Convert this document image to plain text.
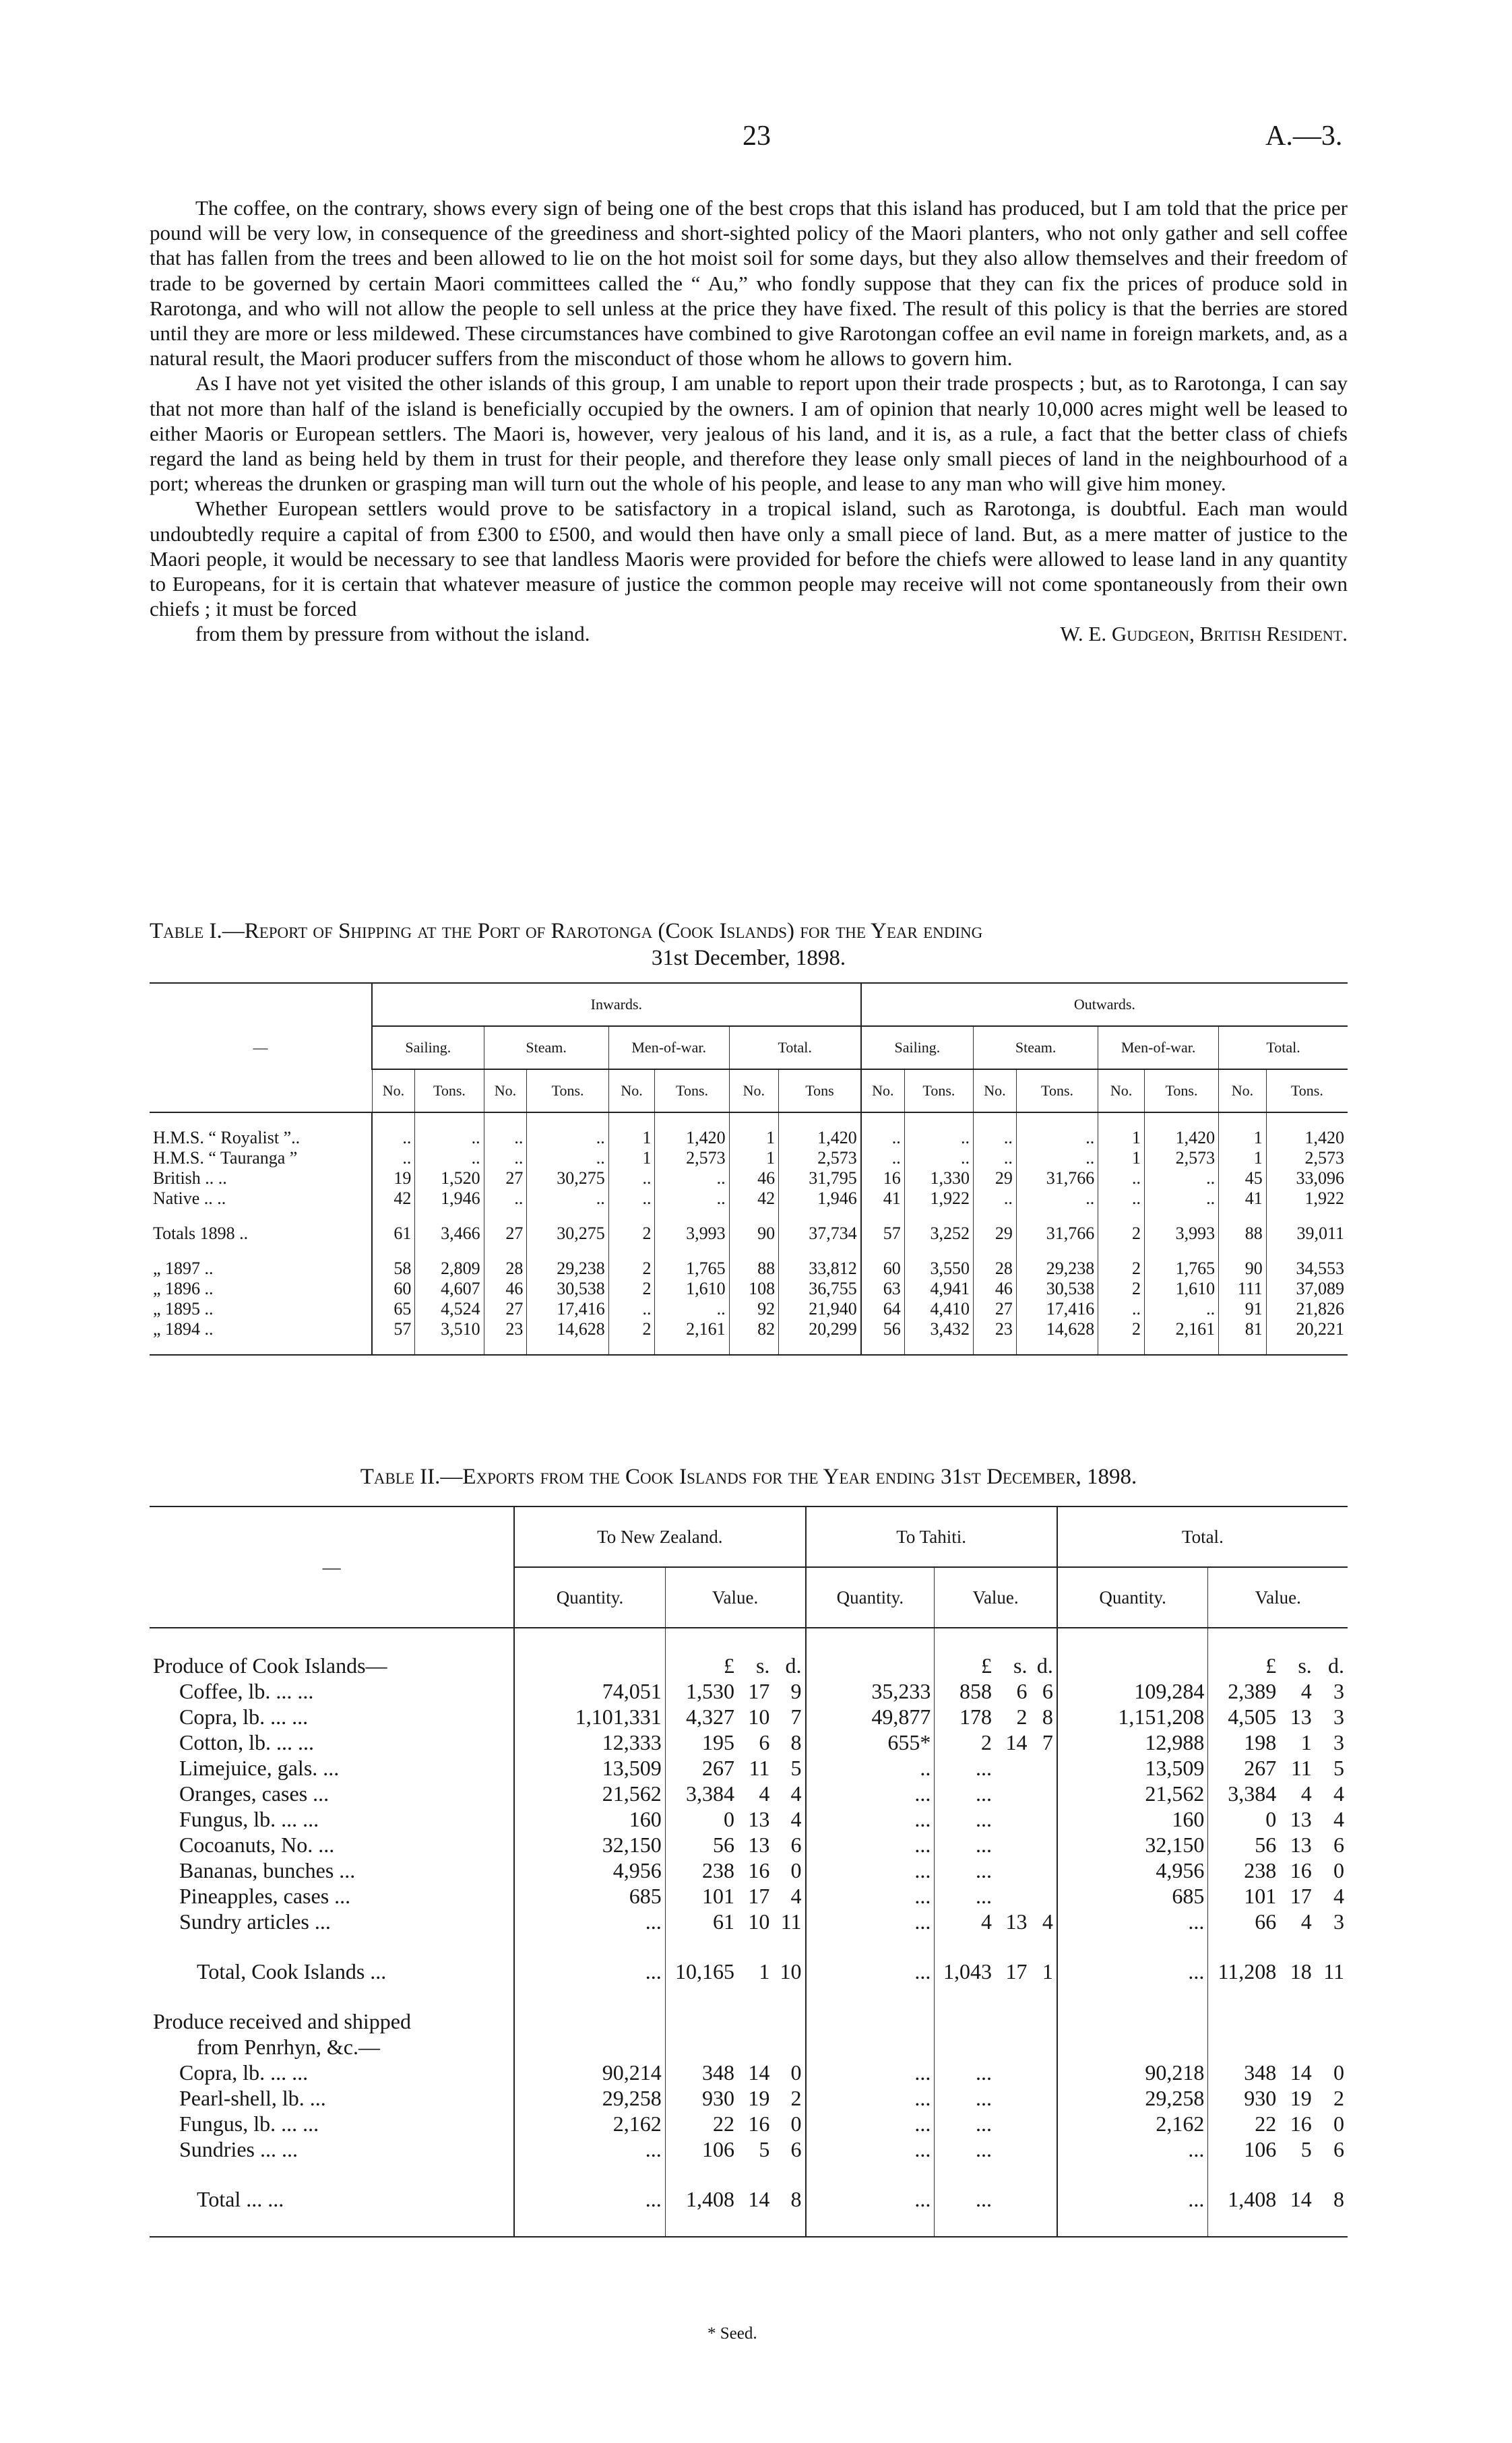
23	A.—3.

The coffee, on the contrary, shows every sign of being one of the best crops that this island has produced, but I am told that the price per pound will be very low, in consequence of the greediness and short-sighted policy of the Maori planters, who not only gather and sell coffee that has fallen from the trees and been allowed to lie on the hot moist soil for some days, but they also allow themselves and their freedom of trade to be governed by certain Maori committees called the “ Au,” who fondly suppose that they can fix the prices of produce sold in Rarotonga, and who will not allow the people to sell unless at the price they have fixed. The result of this policy is that the berries are stored until they are more or less mildewed. These circumstances have combined to give Rarotongan coffee an evil name in foreign markets, and, as a natural result, the Maori producer suffers from the misconduct of those whom he allows to govern him.

As I have not yet visited the other islands of this group, I am unable to report upon their trade prospects ; but, as to Rarotonga, I can say that not more than half of the island is beneficially occupied by the owners. I am of opinion that nearly 10,000 acres might well be leased to either Maoris or European settlers. The Maori is, however, very jealous of his land, and it is, as a rule, a fact that the better class of chiefs regard the land as being held by them in trust for their people, and therefore they lease only small pieces of land in the neighbourhood of a port; whereas the drunken or grasping man will turn out the whole of his people, and lease to any man who will give him money.

Whether European settlers would prove to be satisfactory in a tropical island, such as Rarotonga, is doubtful. Each man would undoubtedly require a capital of from £300 to £500, and would then have only a small piece of land. But, as a mere matter of justice to the Maori people, it would be necessary to see that landless Maoris were provided for before the chiefs were allowed to lease land in any quantity to Europeans, for it is certain that whatever measure of justice the common people may receive will not come spontaneously from their own chiefs ; it must be forced

from them by pressure from without the island.	W. E. Gudgeon, British Resident.
Table I.—Report of Shipping at the Port of Rarotonga (Cook Islands) for the Year ending
31st December, 1898.
—	Inwards.								Outwards.							
	Sailing.		Steam.		Men-of-war.		Total.		Sailing.		Steam.		Men-of-war.		Total.	
	No.	Tons.	No.	Tons.	No.	Tons.	No.	Tons	No.	Tons.	No.	Tons.	No.	Tons.	No.	Tons.

H.M.S. “ Royalist ”..	..	..	..	..	1	1,420	1	1,420	..	..	..	..	1	1,420	1	1,420
H.M.S. “ Tauranga ”	..	..	..	..	1	2,573	1	2,573	..	..	..	..	1	2,573	1	2,573
British .. ..	19	1,520	27	30,275	..	..	46	31,795	16	1,330	29	31,766	..	..	45	33,096
Native .. ..	42	1,946	..	..	..	..	42	1,946	41	1,922	..	..	..	..	41	1,922

Totals 1898 ..	61	3,466	27	30,275	2	3,993	90	37,734	57	3,252	29	31,766	2	3,993	88	39,011

„ 1897 ..	58	2,809	28	29,238	2	1,765	88	33,812	60	3,550	28	29,238	2	1,765	90	34,553
„ 1896 ..	60	4,607	46	30,538	2	1,610	108	36,755	63	4,941	46	30,538	2	1,610	111	37,089
„ 1895 ..	65	4,524	27	17,416	..	..	92	21,940	64	4,410	27	17,416	..	..	91	21,826
„ 1894 ..	57	3,510	23	14,628	2	2,161	82	20,299	56	3,432	23	14,628	2	2,161	81	20,221

Table II.—Exports from the Cook Islands for the Year ending 31st December, 1898.
—	To New Zealand.				To Tahiti.				Total.			
	Quantity.	Value.			Quantity.	Value.			Quantity.	Value.		

Produce of Cook Islands—		£	s.	d.		£	s.	d.		£	s.	d.
Coffee, lb. ... ...	74,051	1,530	17	9	35,233	858	6	6	109,284	2,389	4	3
Copra, lb. ... ...	1,101,331	4,327	10	7	49,877	178	2	8	1,151,208	4,505	13	3
Cotton, lb. ... ...	12,333	195	6	8	655*	2	14	7	12,988	198	1	3
Limejuice, gals. ...	13,509	267	11	5	..	...			13,509	267	11	5
Oranges, cases ...	21,562	3,384	4	4	...	...			21,562	3,384	4	4
Fungus, lb. ... ...	160	0	13	4	...	...			160	0	13	4
Cocoanuts, No. ...	32,150	56	13	6	...	...			32,150	56	13	6
Bananas, bunches ...	4,956	238	16	0	...	...			4,956	238	16	0
Pineapples, cases ...	685	101	17	4	...	...			685	101	17	4
Sundry articles ...	...	61	10	11	...	4	13	4	...	66	4	3

Total, Cook Islands ...	...	10,165	1	10	...	1,043	17	1	...	11,208	18	11

Produce received and shipped												
from Penrhyn, &c.—												
Copra, lb. ... ...	90,214	348	14	0	...	...			90,218	348	14	0
Pearl-shell, lb. ...	29,258	930	19	2	...	...			29,258	930	19	2
Fungus, lb. ... ...	2,162	22	16	0	...	...			2,162	22	16	0
Sundries ... ...	...	106	5	6	...	...			...	106	5	6

Total ... ...	...	1,408	14	8	...	...			...	1,408	14	8

* Seed.
